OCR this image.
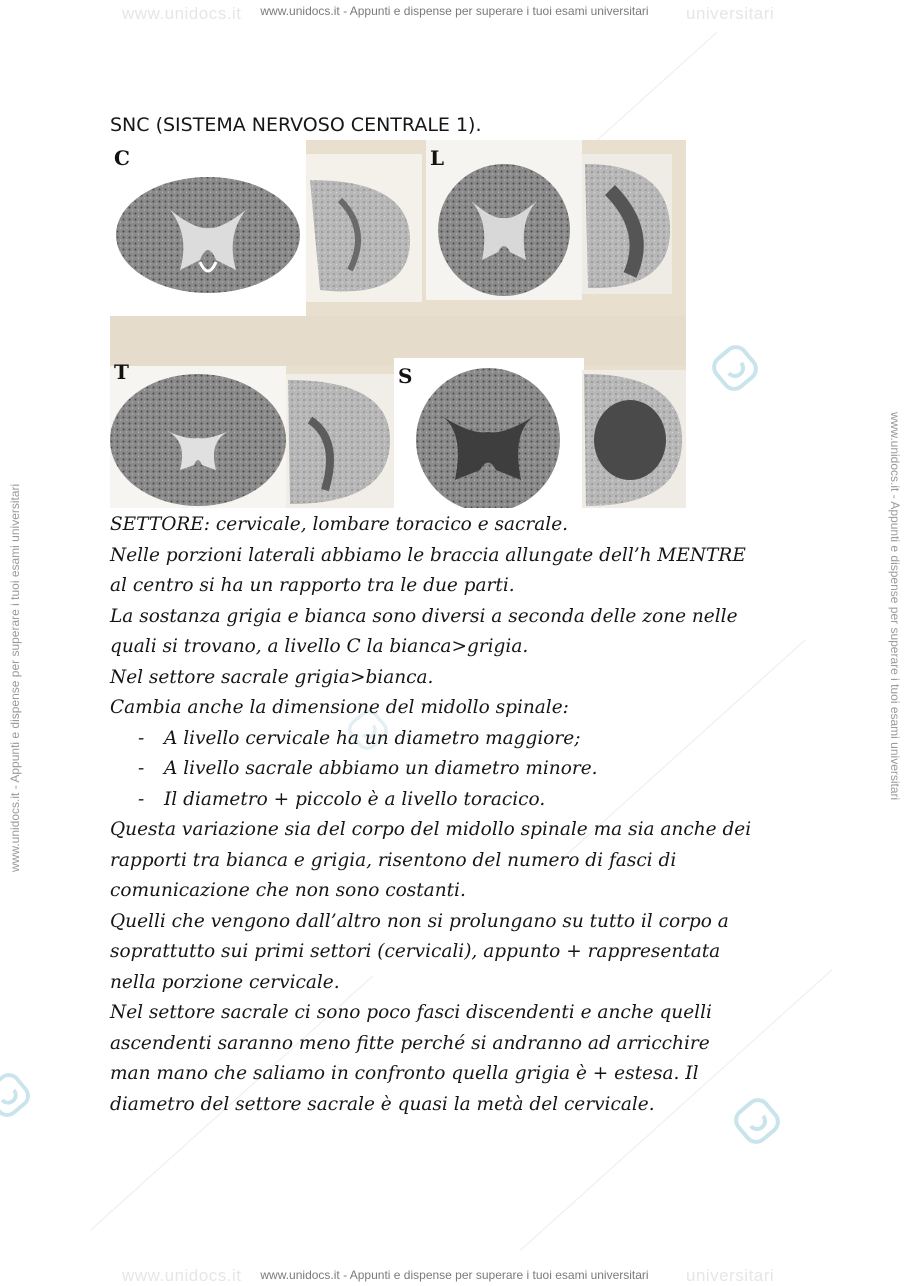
www.unidocs.it	universitari
www.unidocs.it - Appunti e dispense per superare i tuoi esami universitari
www.unidocs.it	universitari
www.unidocs.it - Appunti e dispense per superare i tuoi esami universitari
www.unidocs.it - Appunti e dispense per superare i tuoi esami universitari	www.unidocs.it - Appunti e dispense per superare i tuoi esami universitari
SNC (SISTEMA NERVOSO CENTRALE 1).
C	L
T	S
SETTORE: cervicale, lombare toracico e sacrale.
Nelle porzioni laterali abbiamo le braccia allungate dell’h MENTRE
al centro si ha un rapporto tra le due parti.
La sostanza grigia e bianca sono diversi a seconda delle zone nelle
quali si trovano, a livello C la bianca>grigia.
Nel settore sacrale grigia>bianca.
Cambia anche la dimensione del midollo spinale:
- A livello cervicale ha un diametro maggiore;
- A livello sacrale abbiamo un diametro minore.
- Il diametro + piccolo è a livello toracico.
Questa variazione sia del corpo del midollo spinale ma sia anche dei
rapporti tra bianca e grigia, risentono del numero di fasci di
comunicazione che non sono costanti.
Quelli che vengono dall’altro non si prolungano su tutto il corpo a
soprattutto sui primi settori (cervicali), appunto + rappresentata
nella porzione cervicale.
Nel settore sacrale ci sono poco fasci discendenti e anche quelli
ascendenti saranno meno fitte perché si andranno ad arricchire
man mano che saliamo in confronto quella grigia è + estesa. Il
diametro del settore sacrale è quasi la metà del cervicale.
